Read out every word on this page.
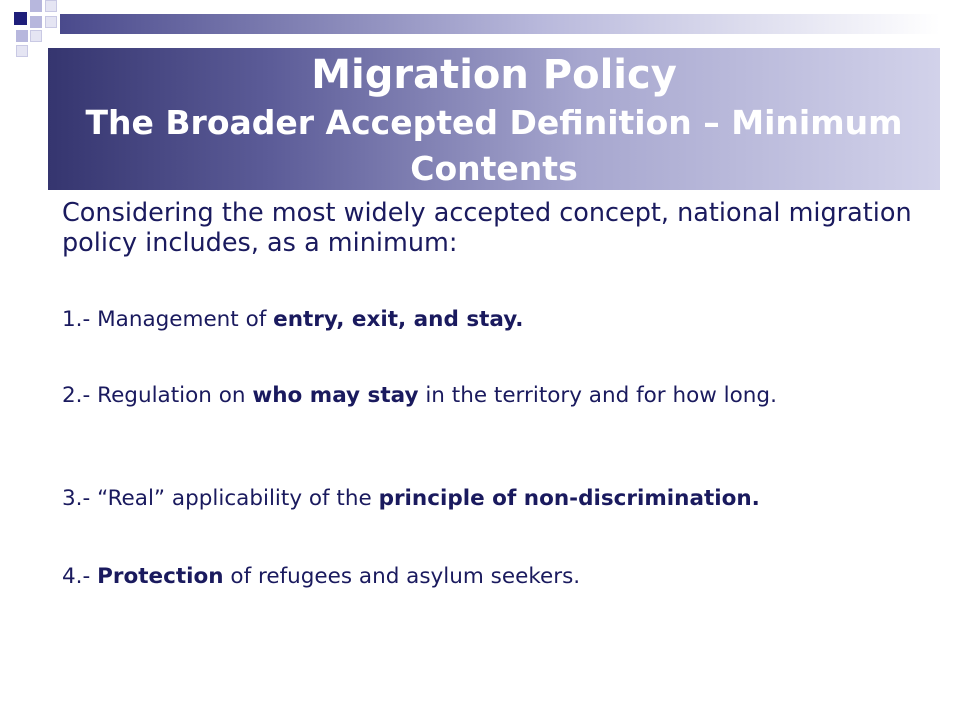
Migration Policy
The Broader Accepted Definition – Minimum Contents
Considering the most widely accepted concept, national migration policy includes, as a minimum:
1.- Management of entry, exit, and stay.
2.- Regulation on who may stay in the territory and for how long.
3.- “Real” applicability of the principle of non-discrimination.
4.- Protection of refugees and asylum seekers.
